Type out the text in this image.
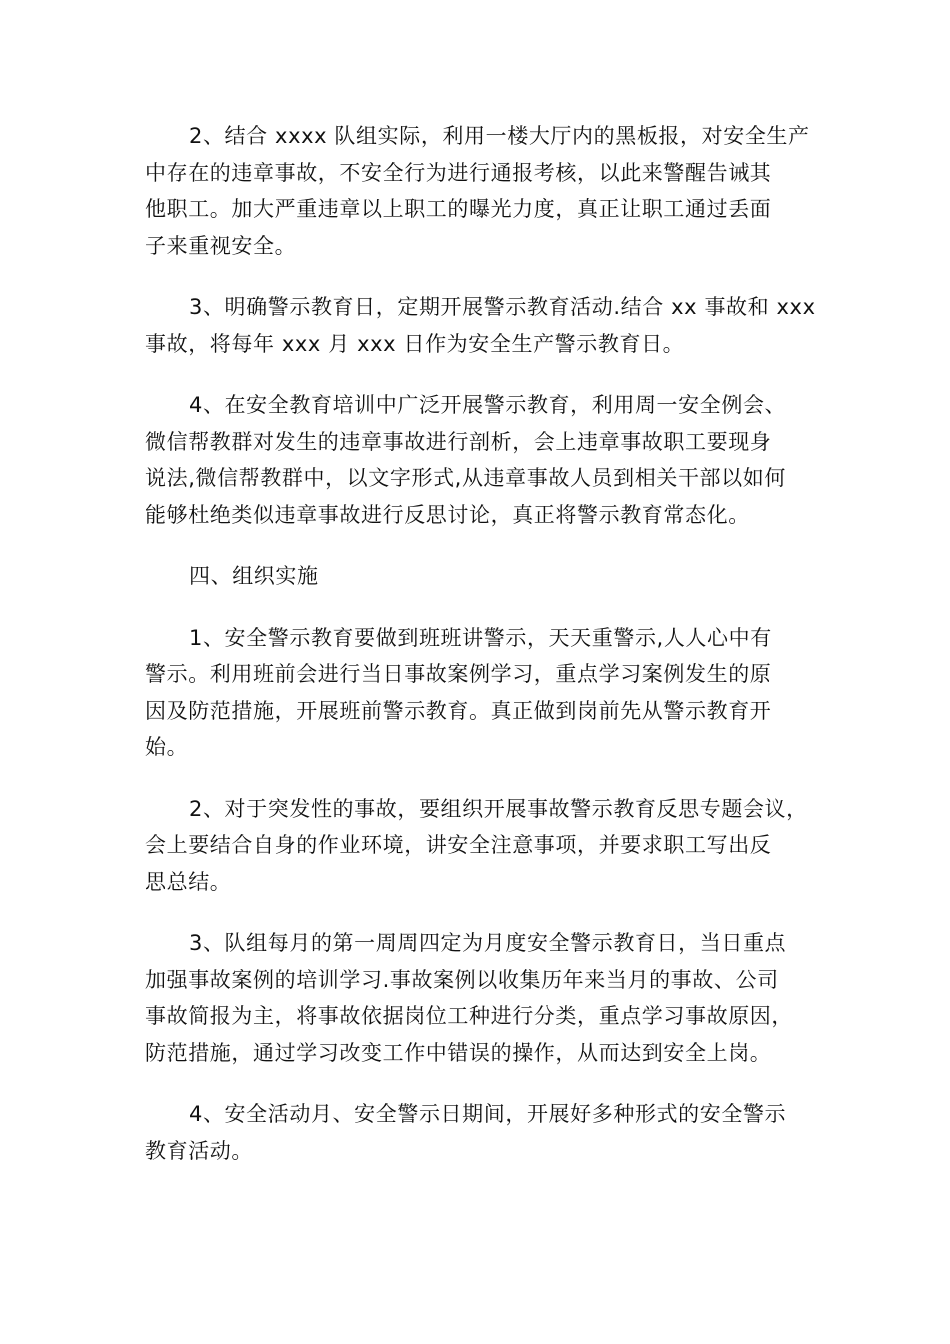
2、结合 xxxx 队组实际，利用一楼大厅内的黑板报，对安全生产
中存在的违章事故，不安全行为进行通报考核，以此来警醒告诫其
他职工。加大严重违章以上职工的曝光力度，真正让职工通过丢面
子来重视安全。
3、明确警示教育日，定期开展警示教育活动.结合 xx 事故和 xxx
事故，将每年 xxx 月 xxx 日作为安全生产警示教育日。
4、在安全教育培训中广泛开展警示教育，利用周一安全例会、
微信帮教群对发生的违章事故进行剖析，会上违章事故职工要现身
说法,微信帮教群中，以文字形式,从违章事故人员到相关干部以如何
能够杜绝类似违章事故进行反思讨论，真正将警示教育常态化。
四、组织实施
1、安全警示教育要做到班班讲警示，天天重警示,人人心中有
警示。利用班前会进行当日事故案例学习，重点学习案例发生的原
因及防范措施，开展班前警示教育。真正做到岗前先从警示教育开
始。
2、对于突发性的事故，要组织开展事故警示教育反思专题会议，
会上要结合自身的作业环境，讲安全注意事项，并要求职工写出反
思总结。
3、队组每月的第一周周四定为月度安全警示教育日，当日重点
加强事故案例的培训学习.事故案例以收集历年来当月的事故、公司
事故简报为主，将事故依据岗位工种进行分类，重点学习事故原因，
防范措施，通过学习改变工作中错误的操作，从而达到安全上岗。
4、安全活动月、安全警示日期间，开展好多种形式的安全警示
教育活动。
